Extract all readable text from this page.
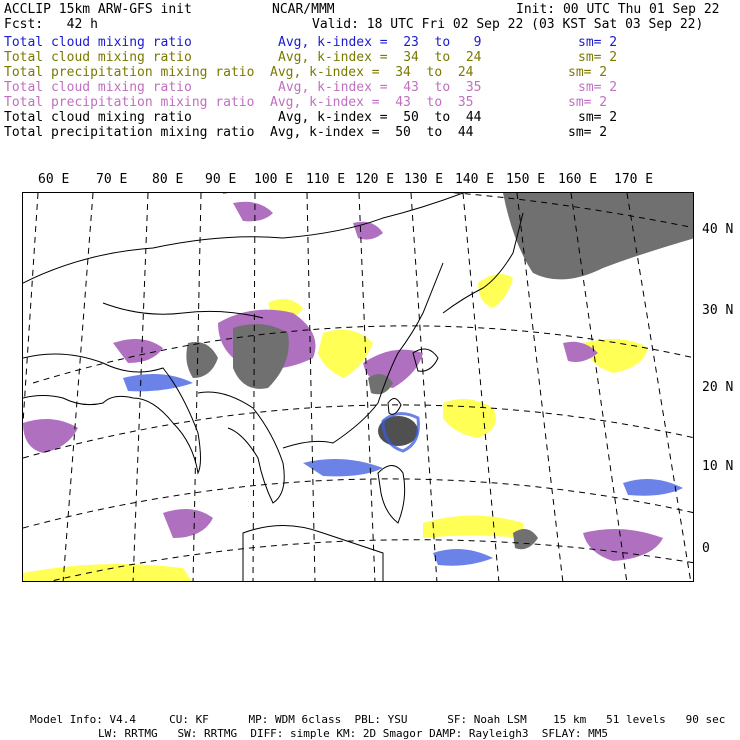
ACCLIP 15km ARW-GFS init	NCAR/MMM	Init: 00 UTC Thu 01 Sep 22
Fcst:   42 h	Valid: 18 UTC Fri 02 Sep 22 (03 KST Sat 03 Sep 22)
Total cloud mixing ratio	Avg, k-index =  23  to   9	sm= 2
Total cloud mixing ratio	Avg, k-index =  34  to  24	sm= 2
Total precipitation mixing ratio Avg, k-index =  34  to  24	sm= 2
Total cloud mixing ratio	Avg, k-index =  43  to  35	sm= 2
Total precipitation mixing ratio Avg, k-index =  43  to  35	sm= 2
Total cloud mixing ratio	Avg, k-index =  50  to  44	sm= 2
Total precipitation mixing ratio Avg, k-index =  50  to  44	sm= 2
60 E 70 E 80 E 90 E 100 E 110 E 120 E 130 E 140 E 150 E 160 E 170 E
40 N
30 N
20 N
10 N
0
Model Info: V4.4     CU: KF      MP: WDM 6class  PBL: YSU      SF: Noah LSM    15 km   51 levels   90 sec
LW: RRTMG   SW: RRTMG  DIFF: simple KM: 2D Smagor DAMP: Rayleigh3  SFLAY: MM5
